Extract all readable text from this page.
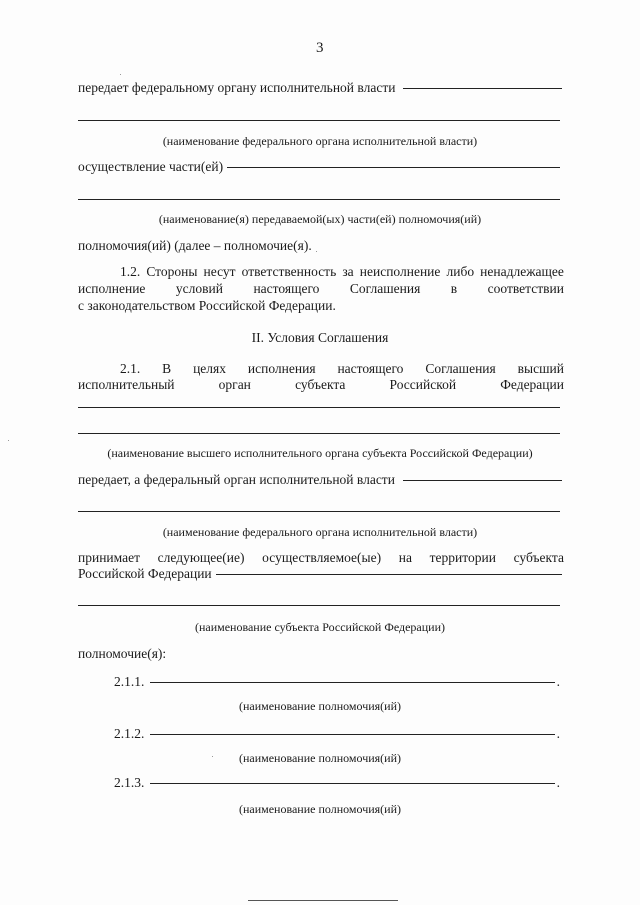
3
передает федеральному органу исполнительной власти
(наименование федерального органа исполнительной власти)
осуществление части(ей)
(наименование(я) передаваемой(ых) части(ей) полномочия(ий)
полномочия(ий) (далее – полномочие(я).
1.2. Стороны несут ответственность за неисполнение либо ненадлежащее
исполнение условий настоящего Соглашения в соответствии
с законодательством Российской Федерации.
II. Условия Соглашения
2.1. В целях исполнения настоящего Соглашения высший
исполнительный	орган	субъекта	Российской	Федерации
(наименование высшего исполнительного органа субъекта Российской Федерации)
передает, а федеральный орган исполнительной власти
(наименование федерального органа исполнительной власти)
принимает следующее(ие) осуществляемое(ые) на территории субъекта
Российской Федерации
(наименование субъекта Российской Федерации)
полномочие(я):
2.1.1.	.
(наименование полномочия(ий)
2.1.2.	.
(наименование полномочия(ий)
2.1.3.	.
(наименование полномочия(ий)
